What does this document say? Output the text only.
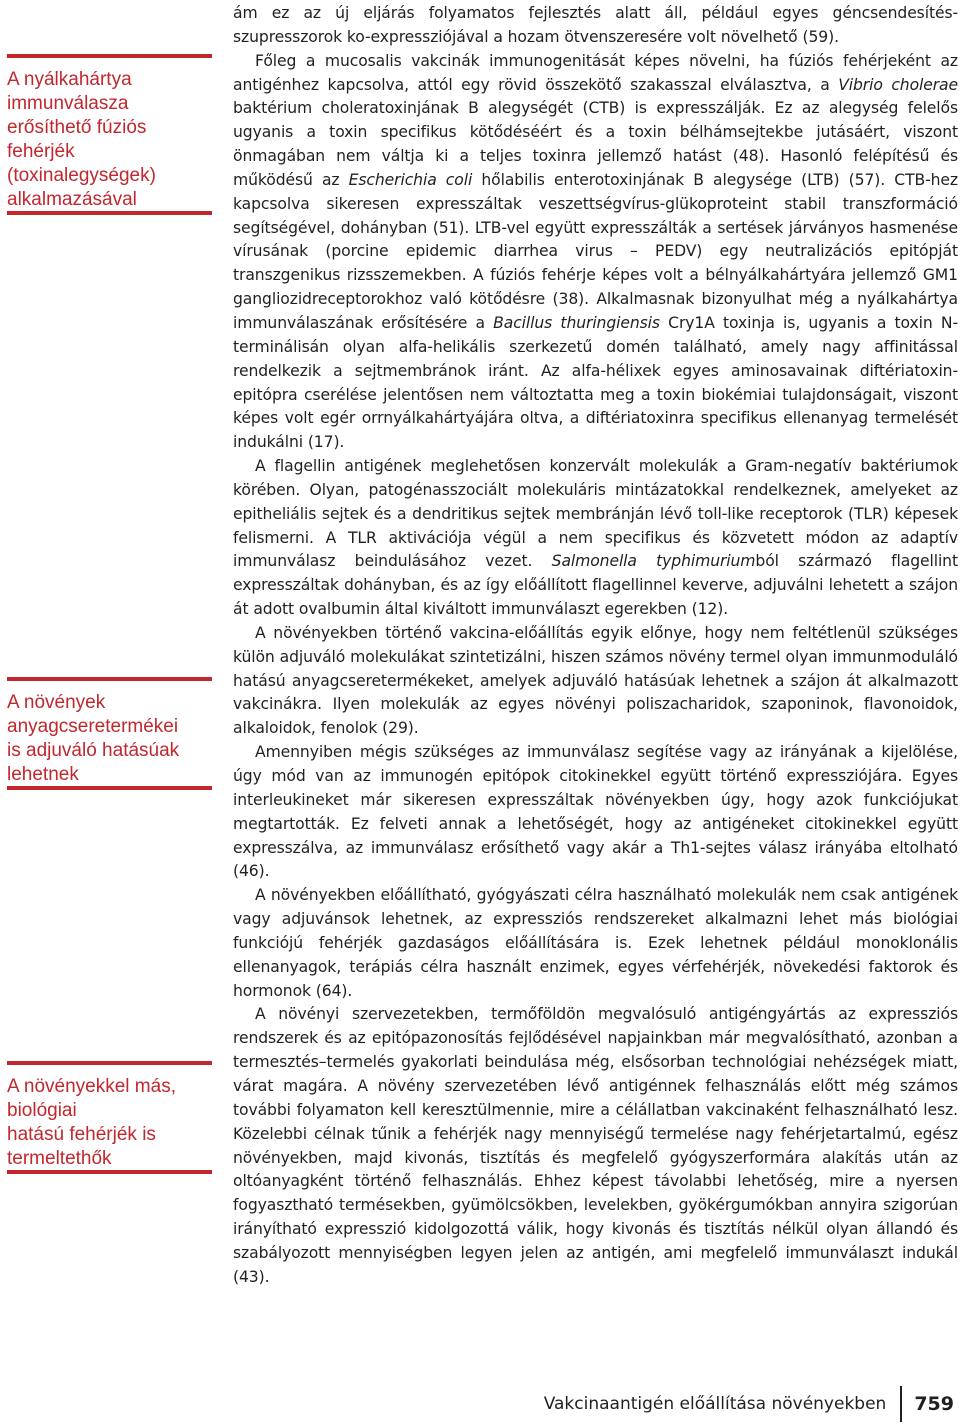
A nyálkahártya
immunválasza
erősíthető fúziós
fehérjék
(toxinalegységek)
alkalmazásával
A növények
anyagcseretermékei
is adjuváló hatásúak
lehetnek
A növényekkel más,
biológiai
hatású fehérjék is
termeltethők

ám ez az új eljárás folyamatos fejlesztés alatt áll, például egyes géncsendesítés-szupresszorok ko-expressziójával a hozam ötvenszeresére volt növelhető (59).

Főleg a mucosalis vakcinák immunogenitását képes növelni, ha fúziós fehérjeként az antigénhez kapcsolva, attól egy rövid összekötő szakasszal elválasztva, a Vibrio cholerae baktérium choleratoxinjának B alegységét (CTB) is expresszálják. Ez az alegység felelős ugyanis a toxin specifikus kötődéséért és a toxin bélhámsejtekbe jutásáért, viszont önmagában nem váltja ki a teljes toxinra jellemző hatást (48). Hasonló felépítésű és működésű az Escherichia coli hőlabilis enterotoxinjának B alegysége (LTB) (57). CTB-hez kapcsolva sikeresen expresszáltak veszettségvírus-glükoproteint stabil transzformáció segítségével, dohányban (51). LTB-vel együtt expresszálták a sertések járványos hasmenése vírusának (porcine epidemic diarrhea virus – PEDV) egy neutralizációs epitópját transzgenikus rizsszemekben. A fúziós fehérje képes volt a bélnyálkahártyára jellemző GM1 gangliozidreceptorokhoz való kötődésre (38). Alkalmasnak bizonyulhat még a nyálkahártya immunválaszának erősítésére a Bacillus thuringiensis Cry1A toxinja is, ugyanis a toxin N-terminálisán olyan alfa-helikális szerkezetű domén található, amely nagy affinitással rendelkezik a sejtmembránok iránt. Az alfa-hélixek egyes aminosavainak diftériatoxin-epitópra cserélése jelentősen nem változtatta meg a toxin biokémiai tulajdonságait, viszont képes volt egér orrnyálkahártyájára oltva, a diftériatoxinra specifikus ellenanyag termelését indukálni (17).

A flagellin antigének meglehetősen konzervált molekulák a Gram-negatív baktériumok körében. Olyan, patogénasszociált molekuláris mintázatokkal rendelkeznek, amelyeket az epitheliális sejtek és a dendritikus sejtek membránján lévő toll-like receptorok (TLR) képesek felismerni. A TLR aktivációja végül a nem specifikus és közvetett módon az adaptív immunválasz beindulásához vezet. Salmonella typhimuriumból származó flagellint expresszáltak dohányban, és az így előállított flagellinnel keverve, adjuválni lehetett a szájon át adott ovalbumin által kiváltott immunválaszt egerekben (12).

A növényekben történő vakcina-előállítás egyik előnye, hogy nem feltétlenül szükséges külön adjuváló molekulákat szintetizálni, hiszen számos növény termel olyan immunmoduláló hatású anyagcseretermékeket, amelyek adjuváló hatásúak lehetnek a szájon át alkalmazott vakcinákra. Ilyen molekulák az egyes növényi poliszacharidok, szaponinok, flavonoidok, alkaloidok, fenolok (29).

Amennyiben mégis szükséges az immunválasz segítése vagy az irányának a kijelölése, úgy mód van az immunogén epitópok citokinekkel együtt történő expressziójára. Egyes interleukineket már sikeresen expresszáltak növényekben úgy, hogy azok funkciójukat megtartották. Ez felveti annak a lehetőségét, hogy az antigéneket citokinekkel együtt expresszálva, az immunválasz erősíthető vagy akár a Th1-sejtes válasz irányába eltolható (46).

A növényekben előállítható, gyógyászati célra használható molekulák nem csak antigének vagy adjuvánsok lehetnek, az expressziós rendszereket alkalmazni lehet más biológiai funkciójú fehérjék gazdaságos előállítására is. Ezek lehetnek például monoklonális ellenanyagok, terápiás célra használt enzimek, egyes vérfehérjék, növekedési faktorok és hormonok (64).

A növényi szervezetekben, termőföldön megvalósuló antigéngyártás az expressziós rendszerek és az epitópazonosítás fejlődésével napjainkban már megvalósítható, azonban a termesztés–termelés gyakorlati beindulása még, elsősorban technológiai nehézségek miatt, várat magára. A növény szervezetében lévő antigénnek felhasználás előtt még számos további folyamaton kell keresztülmennie, mire a célállatban vakcinaként felhasználható lesz. Közelebbi célnak tűnik a fehérjék nagy mennyiségű termelése nagy fehérjetartalmú, egész növényekben, majd kivonás, tisztítás és megfelelő gyógyszerformára alakítás után az oltóanyagként történő felhasználás. Ehhez képest távolabbi lehetőség, mire a nyersen fogyasztható termésekben, gyümölcsökben, levelekben, gyökérgumókban annyira szigorúan irányítható expresszió kidolgozottá válik, hogy kivonás és tisztítás nélkül olyan állandó és szabályozott mennyiségben legyen jelen az antigén, ami megfelelő immunválaszt indukál (43).

Vakcinaantigén előállítása növényekben	759
